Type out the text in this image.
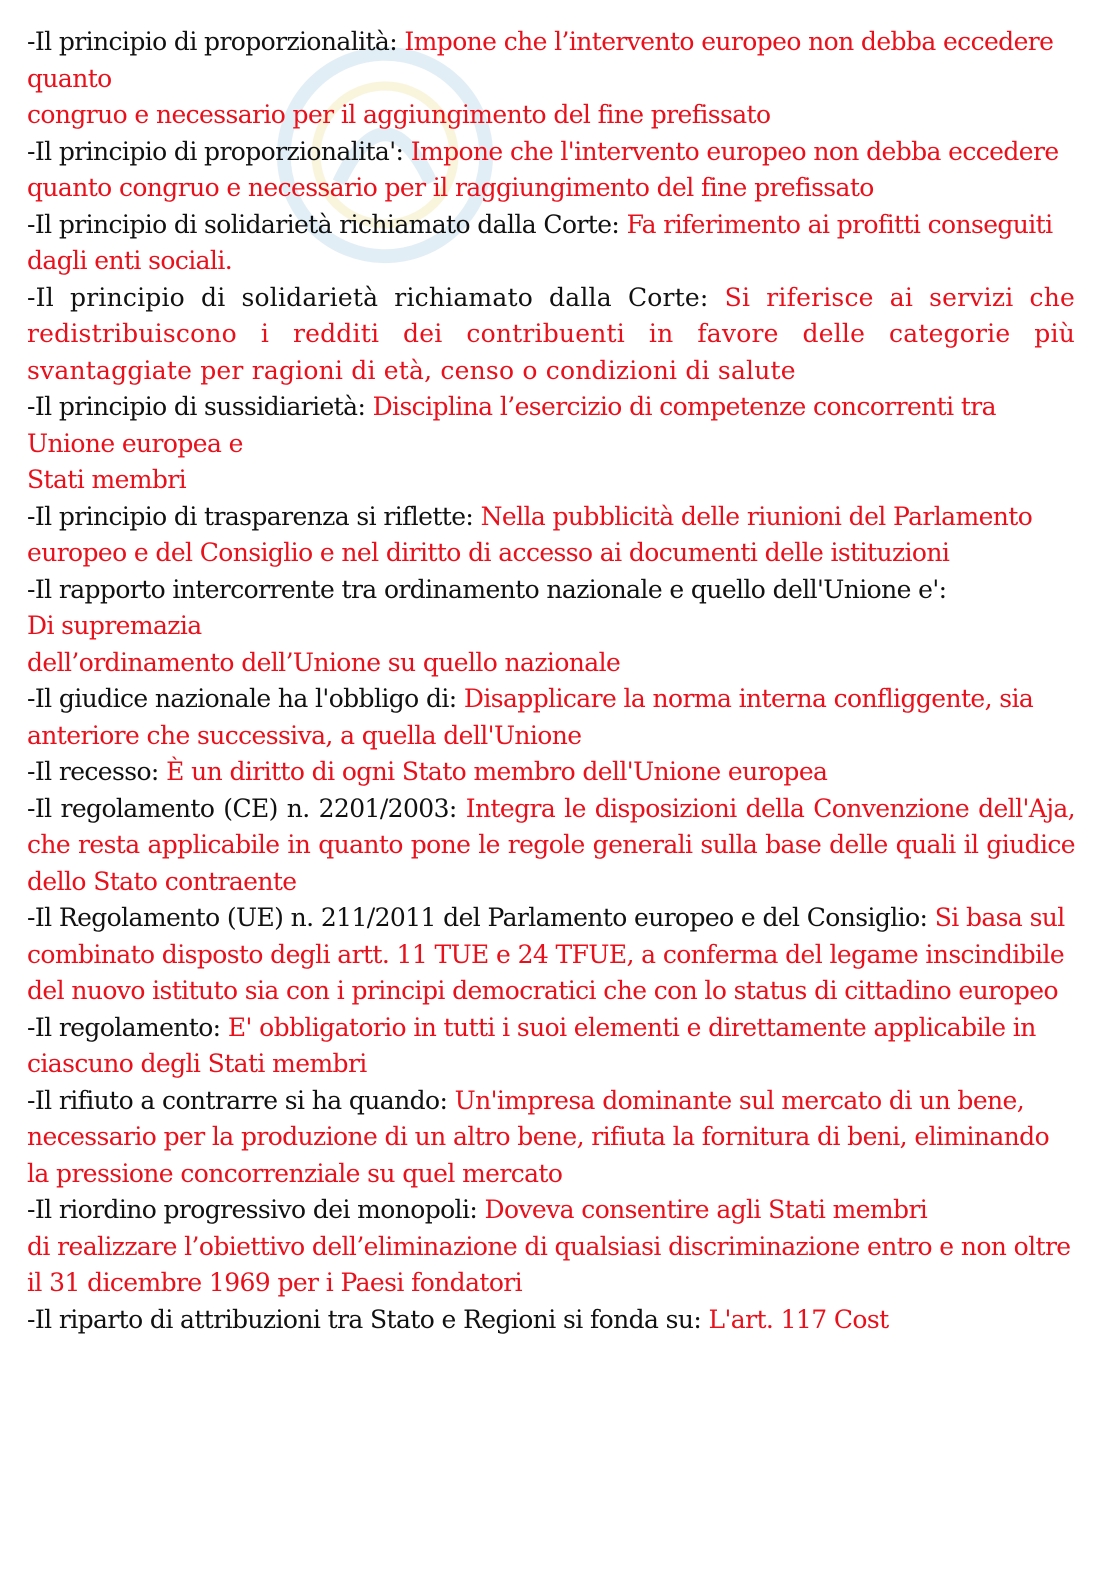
-Il principio di proporzionalità: Impone che l’intervento europeo non debba eccedere quanto
congruo e necessario per il aggiungimento del fine prefissato

-Il principio di proporzionalita': Impone che l'intervento europeo non debba eccedere quanto congruo e necessario per il raggiungimento del fine prefissato

-Il principio di solidarietà richiamato dalla Corte: Fa riferimento ai profitti conseguiti dagli enti sociali.

-Il principio di solidarietà richiamato dalla Corte: Si riferisce ai servizi che redistribuiscono i redditi dei contribuenti in favore delle categorie più svantaggiate per ragioni di età, censo o condizioni di salute

-Il principio di sussidiarietà: Disciplina l’esercizio di competenze concorrenti tra Unione europea e
Stati membri

-Il principio di trasparenza si riflette: Nella pubblicità delle riunioni del Parlamento europeo e del Consiglio e nel diritto di accesso ai documenti delle istituzioni

-Il rapporto intercorrente tra ordinamento nazionale e quello dell'Unione e':
Di supremazia
dell’ordinamento dell’Unione su quello nazionale

-Il giudice nazionale ha l'obbligo di: Disapplicare la norma interna confliggente, sia anteriore che successiva, a quella dell'Unione

-Il recesso: È un diritto di ogni Stato membro dell'Unione europea

-Il regolamento (CE) n. 2201/2003: Integra le disposizioni della Convenzione dell'Aja, che resta applicabile in quanto pone le regole generali sulla base delle quali il giudice dello Stato contraente

-Il Regolamento (UE) n. 211/2011 del Parlamento europeo e del Consiglio: Si basa sul combinato disposto degli artt. 11 TUE e 24 TFUE, a conferma del legame inscindibile del nuovo istituto sia con i principi democratici che con lo status di cittadino europeo

-Il regolamento: E' obbligatorio in tutti i suoi elementi e direttamente applicabile in ciascuno degli Stati membri

-Il rifiuto a contrarre si ha quando: Un'impresa dominante sul mercato di un bene, necessario per la produzione di un altro bene, rifiuta la fornitura di beni, eliminando la pressione concorrenziale su quel mercato

-Il riordino progressivo dei monopoli: Doveva consentire agli Stati membri
di realizzare l’obiettivo dell’eliminazione di qualsiasi discriminazione entro e non oltre il 31 dicembre 1969 per i Paesi fondatori

-Il riparto di attribuzioni tra Stato e Regioni si fonda su: L'art. 117 Cost
